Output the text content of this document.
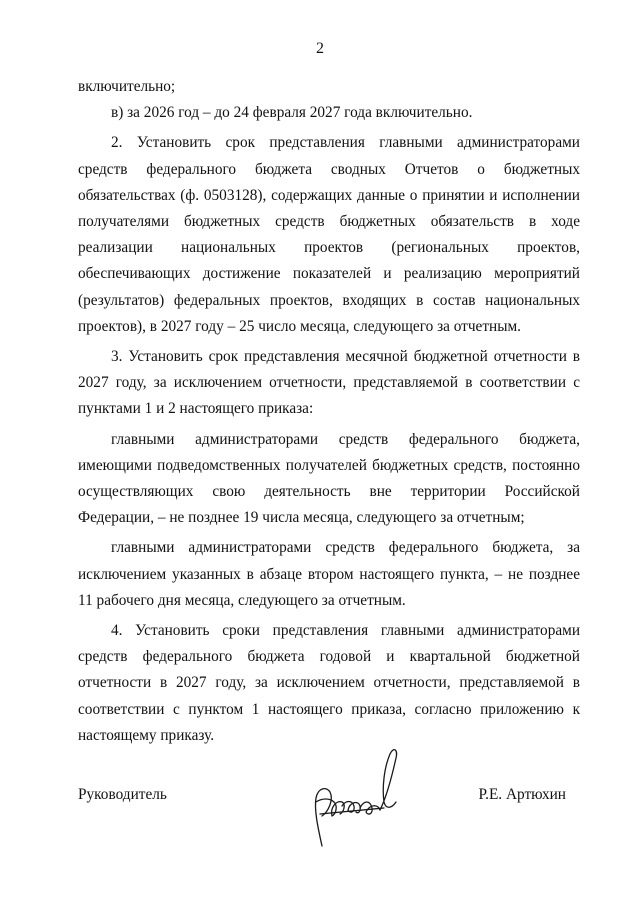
2

включительно;

в) за 2026 год – до 24 февраля 2027 года включительно.

2. Установить срок представления главными администраторами средств федерального бюджета сводных Отчетов о бюджетных обязательствах (ф. 0503128), содержащих данные о принятии и исполнении получателями бюджетных средств бюджетных обязательств в ходе реализации национальных проектов (региональных проектов, обеспечивающих достижение показателей и реализацию мероприятий (результатов) федеральных проектов, входящих в состав национальных проектов), в 2027 году – 25 число месяца, следующего за отчетным.

3. Установить срок представления месячной бюджетной отчетности в 2027 году, за исключением отчетности, представляемой в соответствии с пунктами 1 и 2 настоящего приказа:

главными администраторами средств федерального бюджета, имеющими подведомственных получателей бюджетных средств, постоянно осуществляющих свою деятельность вне территории Российской Федерации, – не позднее 19 числа месяца, следующего за отчетным;

главными администраторами средств федерального бюджета, за исключением указанных в абзаце втором настоящего пункта, – не позднее 11 рабочего дня месяца, следующего за отчетным.

4. Установить сроки представления главными администраторами средств федерального бюджета годовой и квартальной бюджетной отчетности в 2027 году, за исключением отчетности, представляемой в соответствии с пунктом 1 настоящего приказа, согласно приложению к настоящему приказу.

Руководитель	Р.Е. Артюхин
